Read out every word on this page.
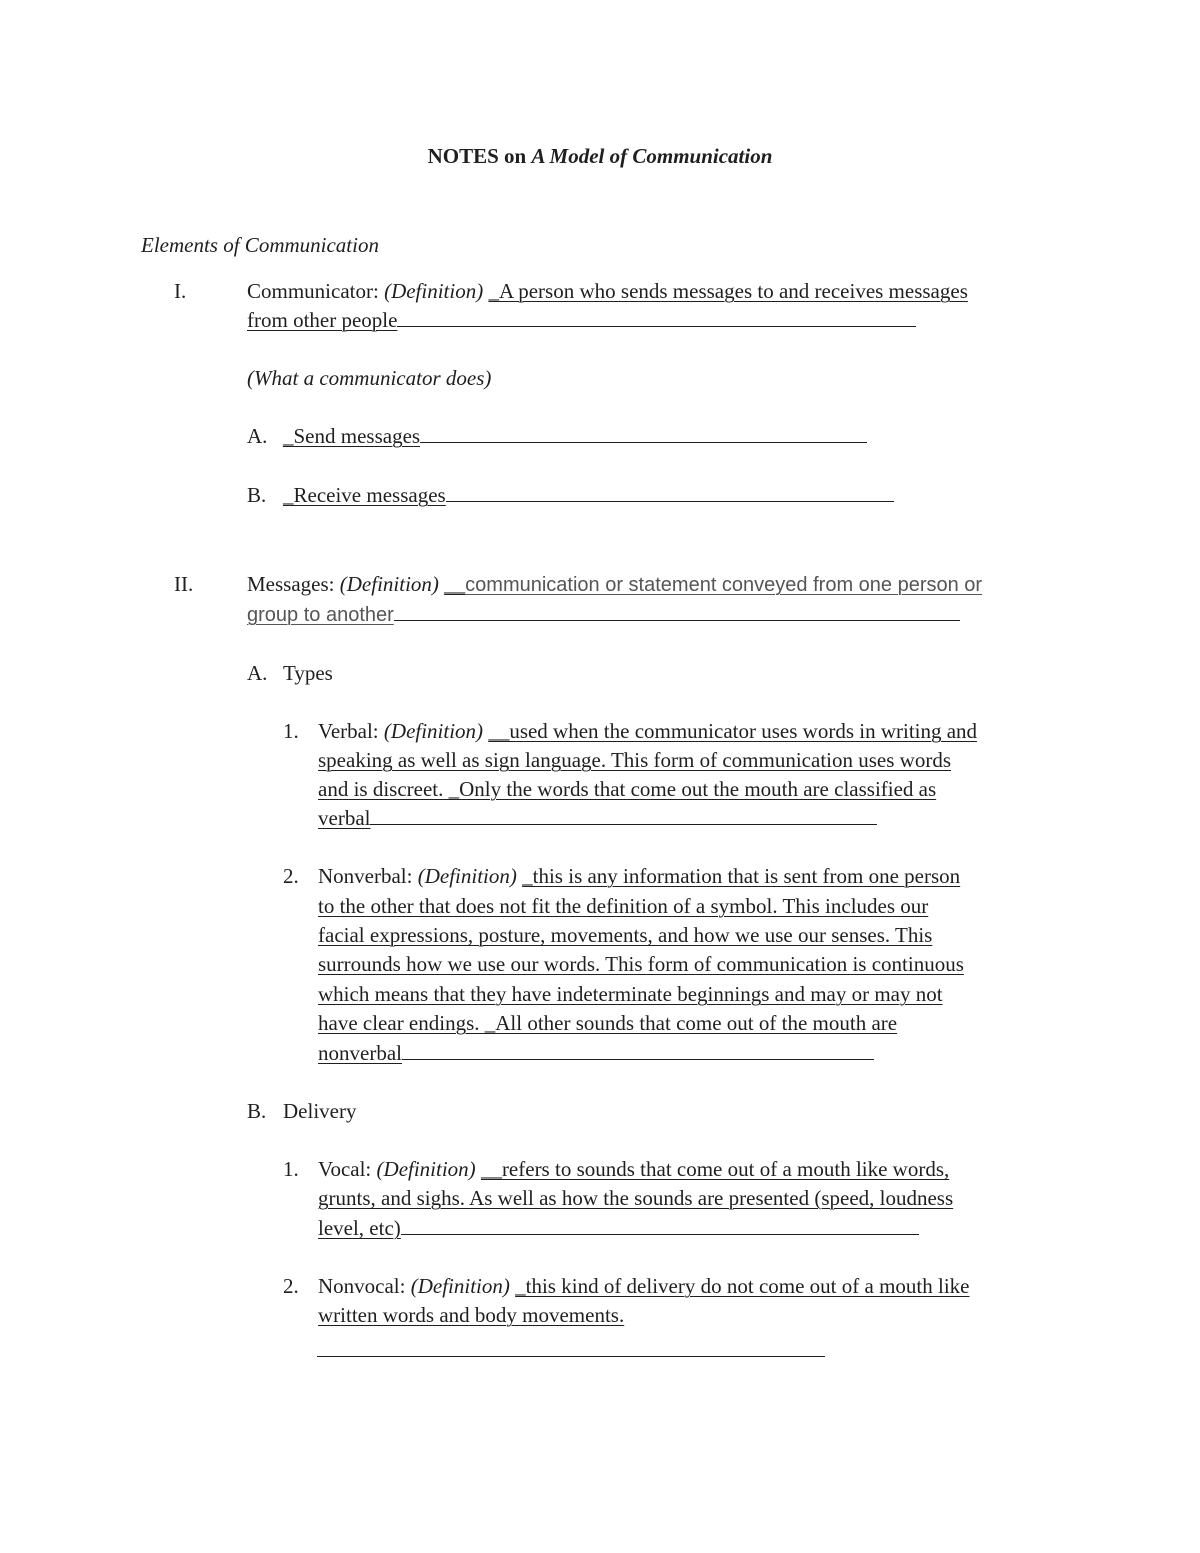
NOTES on A Model of Communication
Elements of Communication
I.	Communicator: (Definition) _A person who sends messages to and receives messages
from other people
(What a communicator does)
A. _Send messages
B. _Receive messages
II.	Messages: (Definition) __communication or statement conveyed from one person or
group to another
A. Types
1. Verbal: (Definition) __used when the communicator uses words in writing and
speaking as well as sign language. This form of communication uses words
and is discreet. _Only the words that come out the mouth are classified as
verbal
2. Nonverbal: (Definition) _this is any information that is sent from one person
to the other that does not fit the definition of a symbol. This includes our
facial expressions, posture, movements, and how we use our senses. This
surrounds how we use our words. This form of communication is continuous
which means that they have indeterminate beginnings and may or may not
have clear endings. _All other sounds that come out of the mouth are
nonverbal
B. Delivery
1. Vocal: (Definition) __refers to sounds that come out of a mouth like words,
grunts, and sighs. As well as how the sounds are presented (speed, loudness
level, etc)
2. Nonvocal: (Definition) _this kind of delivery do not come out of a mouth like
written words and body movements.
